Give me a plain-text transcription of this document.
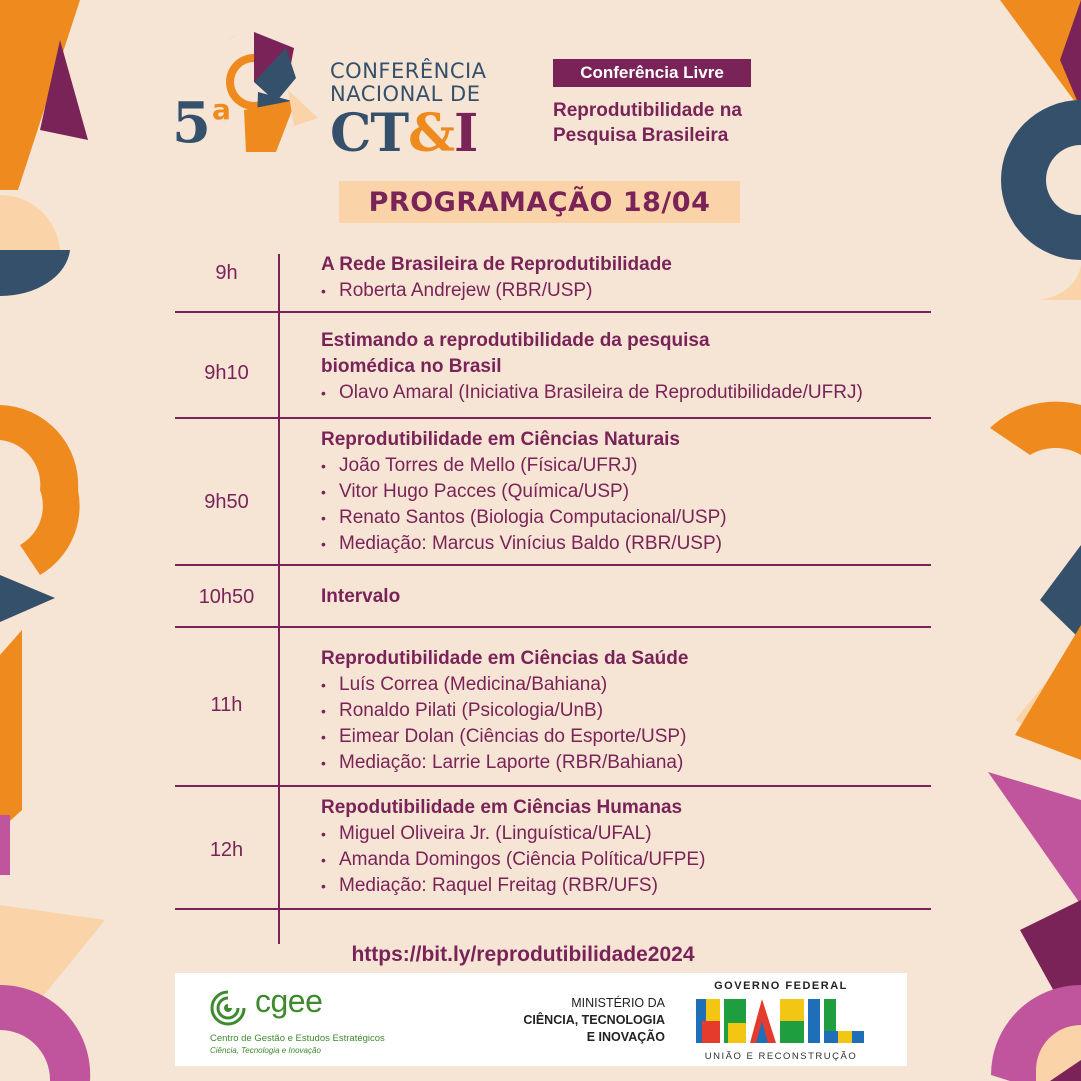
5 a
CONFERÊNCIA
NACIONAL DE
CT&I
Conferência Livre
Reprodutibilidade na
Pesquisa Brasileira
PROGRAMAÇÃO 18/04
9h	A Rede Brasileira de Reprodutibilidade
• Roberta Andrejew (RBR/USP)
9h10
Estimando a reprodutibilidade da pesquisa
biomédica no Brasil
• Olavo Amaral (Iniciativa Brasileira de Reprodutibilidade/UFRJ)
9h50
Reprodutibilidade em Ciências Naturais
• João Torres de Mello (Física/UFRJ)
• Vitor Hugo Pacces (Química/USP)
• Renato Santos (Biologia Computacional/USP)
• Mediação: Marcus Vinícius Baldo (RBR/USP)
10h50	Intervalo
11h
Reprodutibilidade em Ciências da Saúde
• Luís Correa (Medicina/Bahiana)
• Ronaldo Pilati (Psicologia/UnB)
• Eimear Dolan (Ciências do Esporte/USP)
• Mediação: Larrie Laporte (RBR/Bahiana)
12h
Repodutibilidade em Ciências Humanas
• Miguel Oliveira Jr. (Linguística/UFAL)
• Amanda Domingos (Ciência Política/UFPE)
• Mediação: Raquel Freitag (RBR/UFS)
https://bit.ly/reprodutibilidade2024
cgee
Centro de Gestão e Estudos Estratégicos
Ciência, Tecnologia e Inovação
MINISTÉRIO DA
CIÊNCIA, TECNOLOGIA
E INOVAÇÃO
GOVERNO FEDERAL
UNIÃO E RECONSTRUÇÃO
